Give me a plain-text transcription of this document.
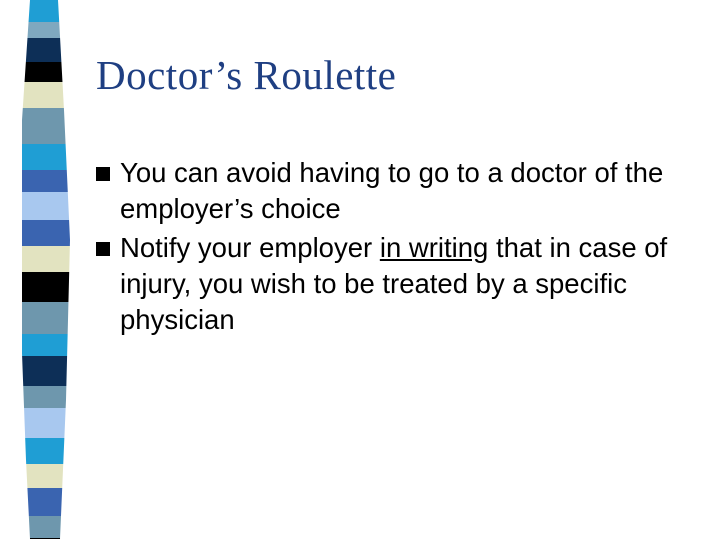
Doctor’s Roulette
You can avoid having to go to a doctor of the employer’s choice
Notify your employer in writing that in case of injury, you wish to be treated by a specific physician
